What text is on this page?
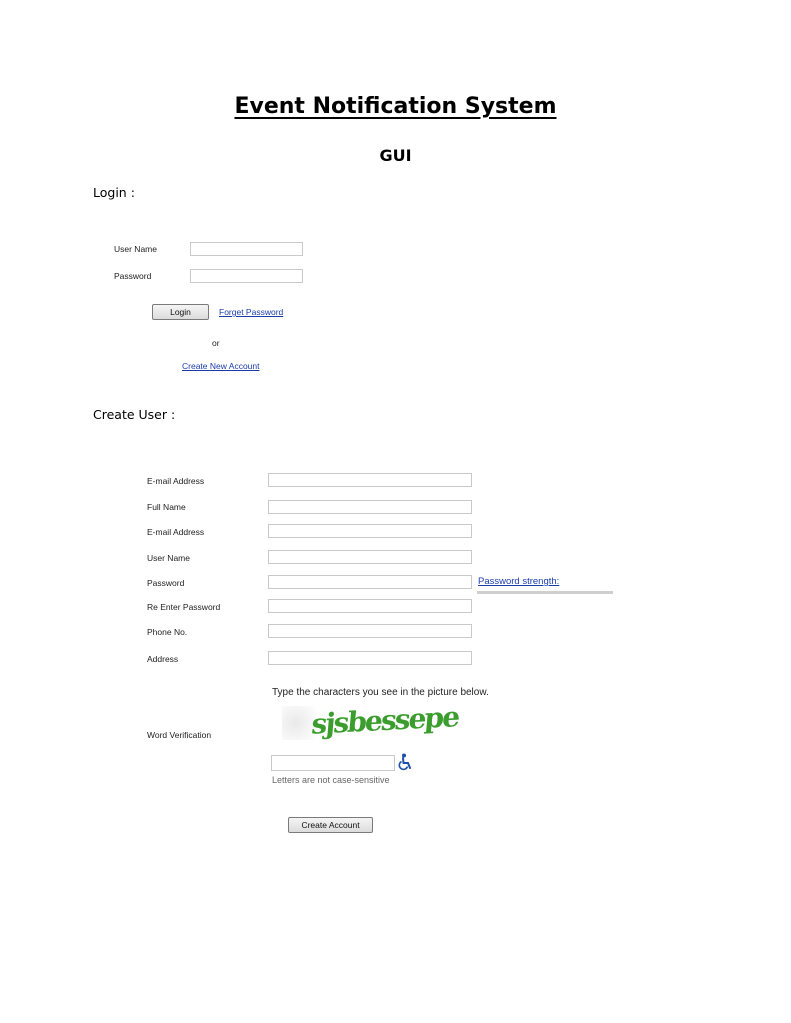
Event Notification System
GUI
Login :
User Name
Password
Login	Forget Password
or
Create New Account
Create User :
E-mail Address
Full Name
E-mail Address
User Name
Password	Password strength:
Re Enter Password
Phone No.
Address
Type the characters you see in the picture below.
sjsbessepe
Word Verification
Letters are not case-sensitive
Create Account
